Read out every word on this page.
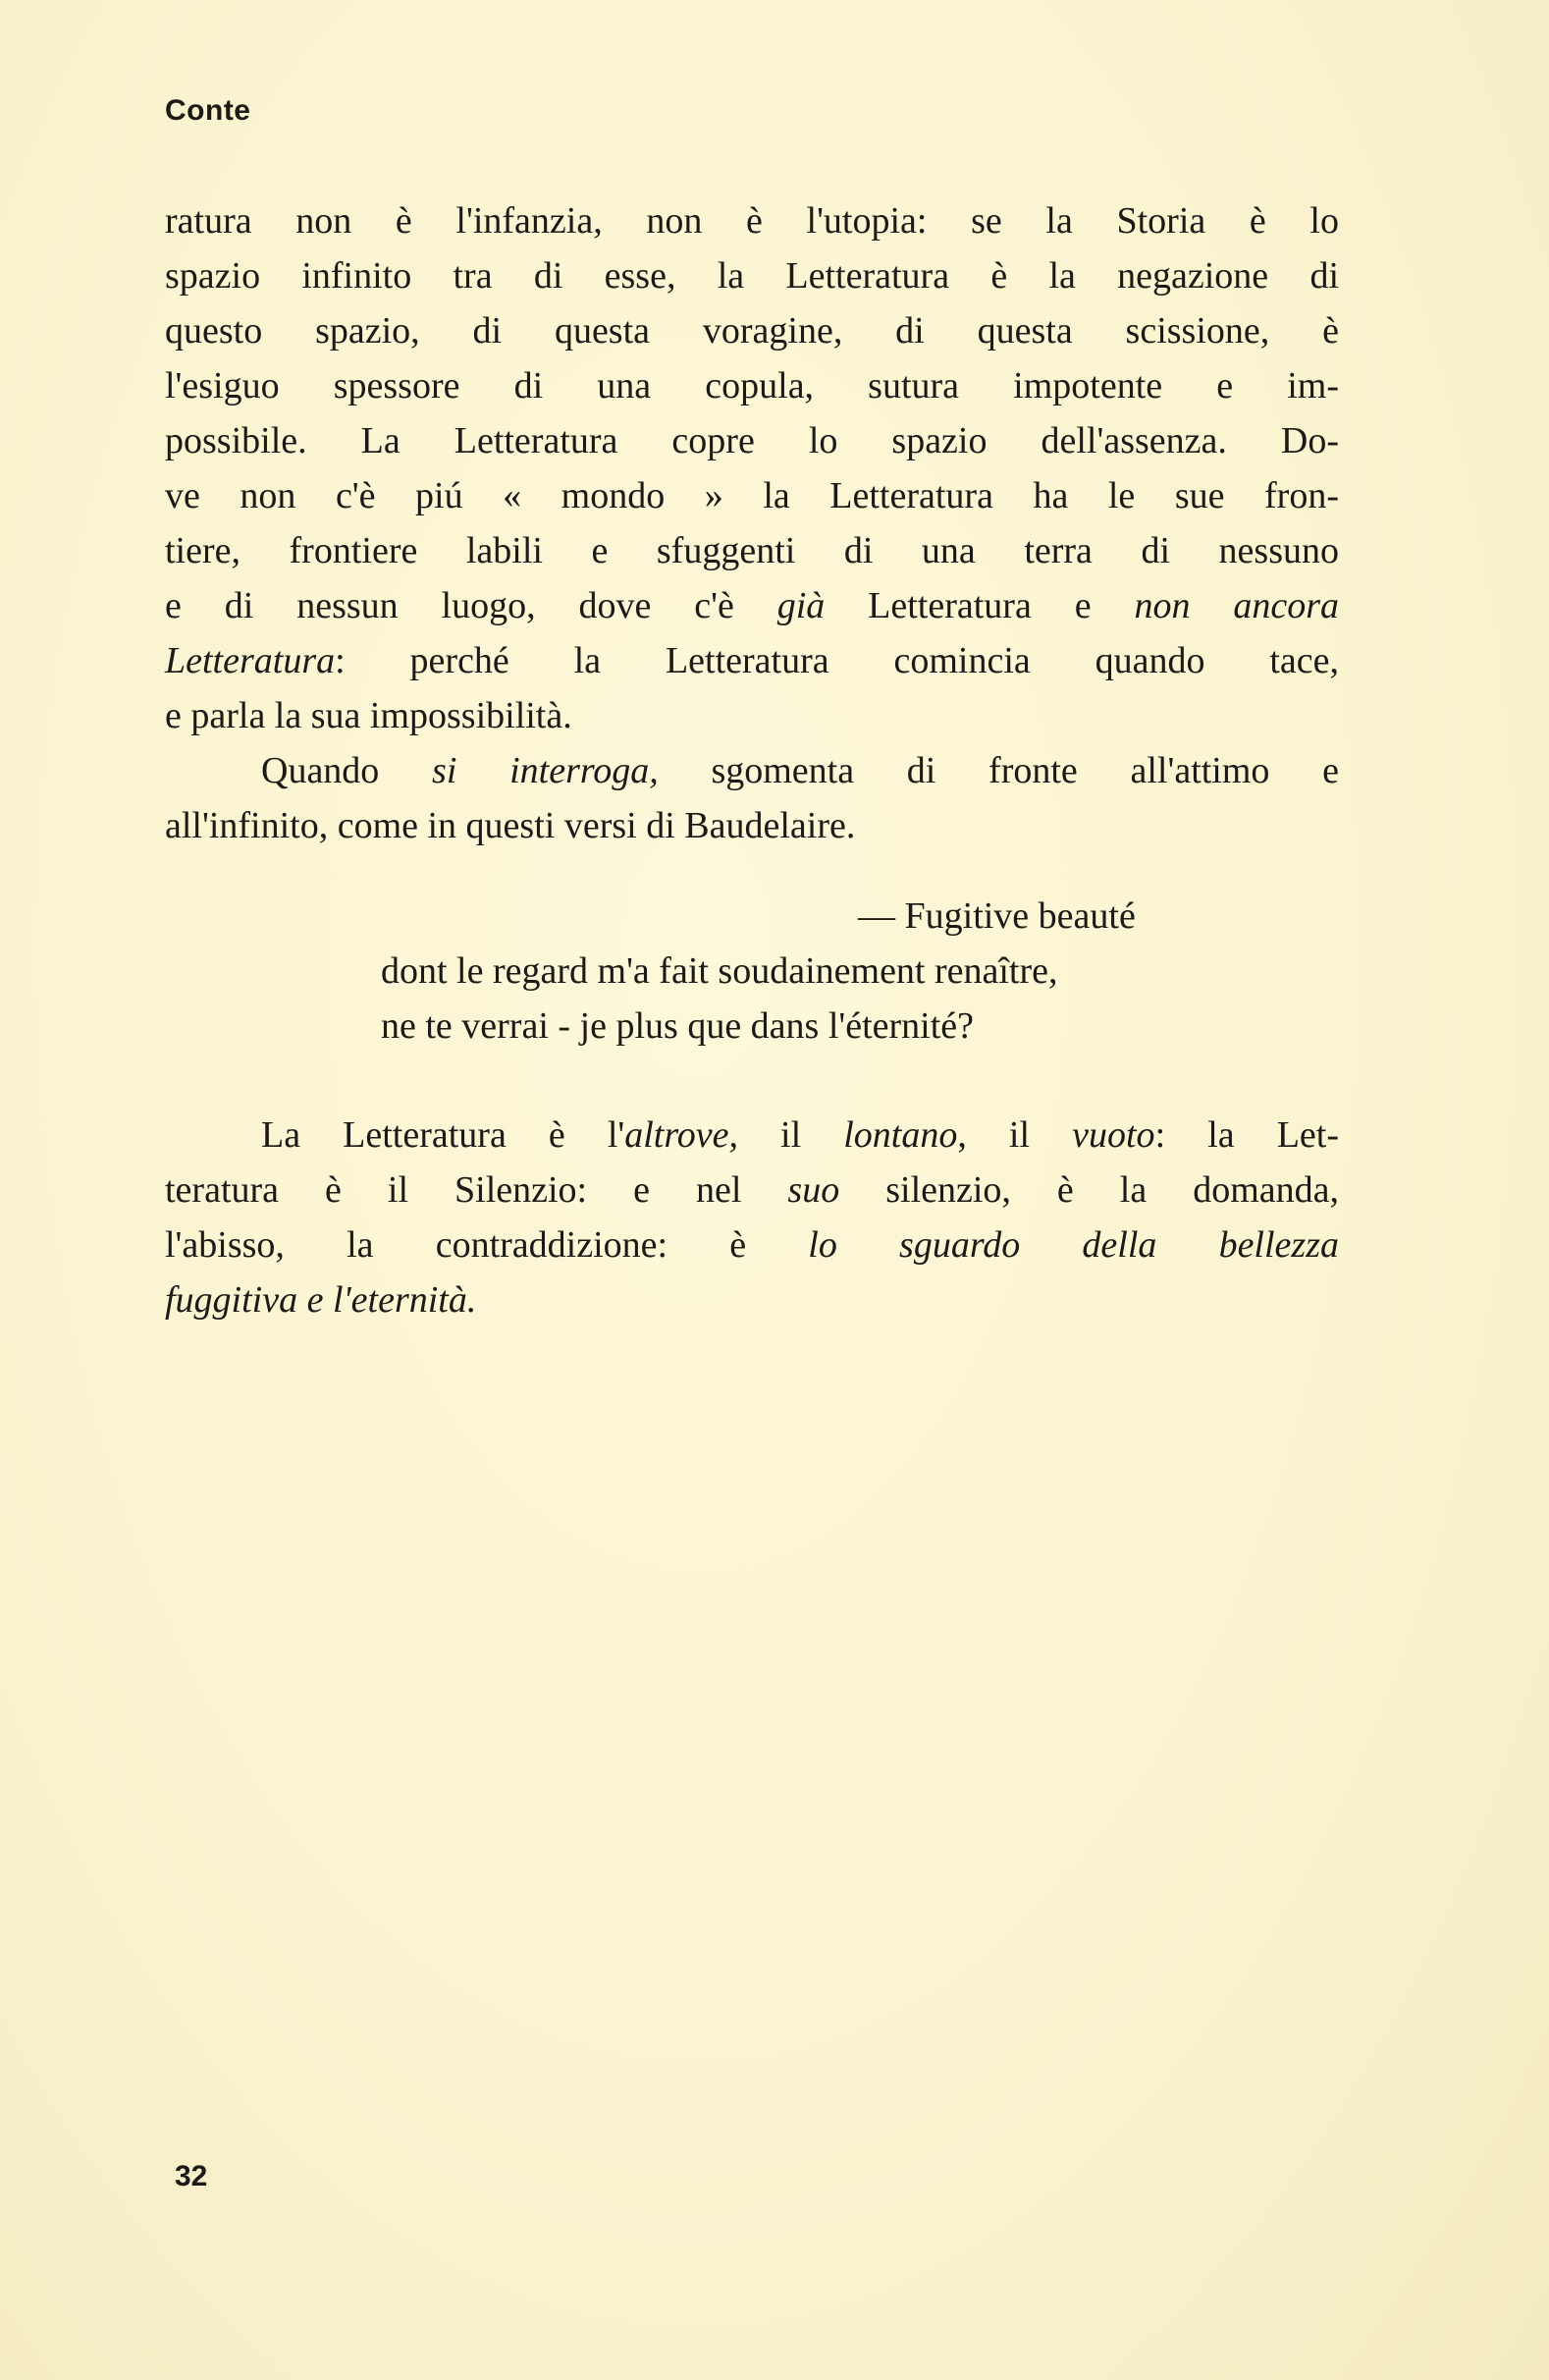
Conte
ratura non è l'infanzia, non è l'utopia: se la Storia è lo
spazio infinito tra di esse, la Letteratura è la negazione di
questo spazio, di questa voragine, di questa scissione, è
l'esiguo spessore di una copula, sutura impotente e im-
possibile. La Letteratura copre lo spazio dell'assenza. Do-
ve non c'è piú « mondo » la Letteratura ha le sue fron-
tiere, frontiere labili e sfuggenti di una terra di nessuno
e di nessun luogo, dove c'è già Letteratura e non ancora
Letteratura: perché la Letteratura comincia quando tace,
e parla la sua impossibilità.
Quando si interroga, sgomenta di fronte all'attimo e
all'infinito, come in questi versi di Baudelaire.
— Fugitive beauté
dont le regard m'a fait soudainement renaître,
ne te verrai - je plus que dans l'éternité?
La Letteratura è l'altrove, il lontano, il vuoto: la Let-
teratura è il Silenzio: e nel suo silenzio, è la domanda,
l'abisso, la contraddizione: è lo sguardo della bellezza
fuggitiva e l'eternità.
32
